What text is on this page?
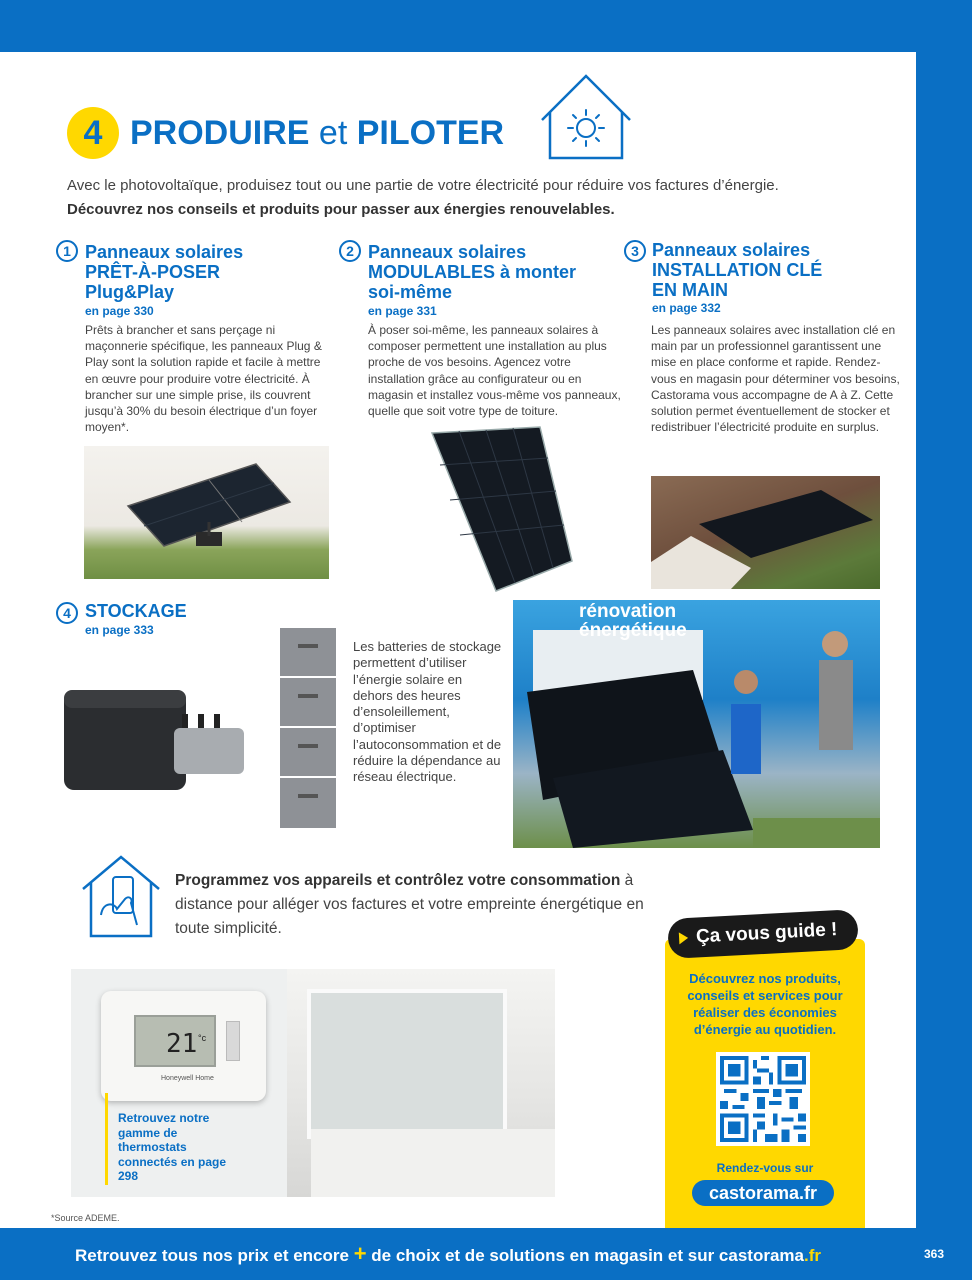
4 PRODUIRE et PILOTER

Avec le photovoltaïque, produisez tout ou une partie de votre électricité pour réduire vos factures d’énergie. Découvrez nos conseils et produits pour passer aux énergies renouvelables.

1 Panneaux solaires PRÊT-À-POSER Plug&Play
en page 330

Prêts à brancher et sans perçage ni maçonnerie spécifique, les panneaux Plug & Play sont la solution rapide et facile à mettre en œuvre pour produire votre électricité. À brancher sur une simple prise, ils couvrent jusqu’à 30% du besoin électrique d’un foyer moyen*.

2 Panneaux solaires MODULABLES à monter soi-même
en page 331

À poser soi-même, les panneaux solaires à composer permettent une installation au plus proche de vos besoins. Agencez votre installation grâce au configurateur ou en magasin et installez vous-même vos panneaux, quelle que soit votre type de toiture.

3 Panneaux solaires INSTALLATION CLÉ EN MAIN
en page 332

Les panneaux solaires avec installation clé en main par un professionnel garantissent une mise en place conforme et rapide. Rendez-vous en magasin pour déterminer vos besoins, Castorama vous accompagne de A à Z. Cette solution permet éventuellement de stocker et redistribuer l’électricité produite en surplus.

4 STOCKAGE
en page 333

Les batteries de stockage permettent d’utiliser l’énergie solaire en dehors des heures d’ensoleillement, d’optimiser l’autoconsommation et de réduire la dépendance au réseau électrique.

rénovation
énergétique

Programmez vos appareils et contrôlez votre consommation à distance pour alléger vos factures et votre empreinte énergétique en toute simplicité.

21 °c
Honeywell Home
Retrouvez notre gamme de thermostats connectés en page 298
Ça vous guide !

Découvrez nos produits, conseils et services pour réaliser des économies d’énergie au quotidien.

Rendez-vous sur
castorama.fr
*Source ADEME.
Retrouvez tous nos prix et encore + de choix et de solutions en magasin et sur castorama.fr	363
